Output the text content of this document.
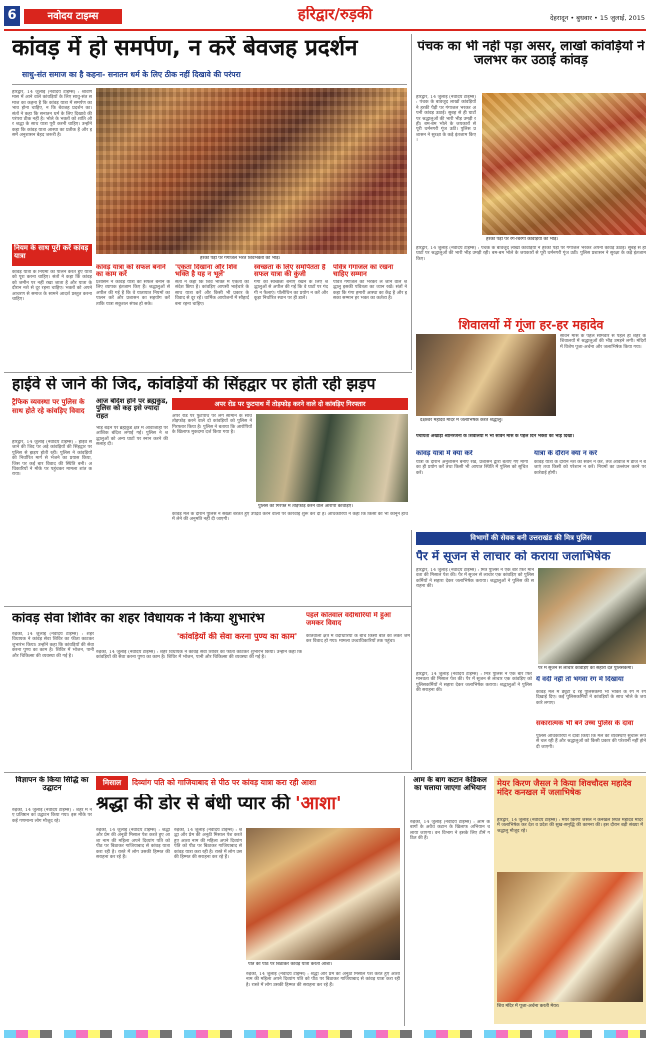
6	नवोदय टाइम्स	हरिद्वार/रुड़की	देहरादून • बुधवार • 15 जुलाई, 2015
कांवड़ में हो समर्पण, न करें बेवजह प्रदर्शन
साधु-संत समाज का है कहना- सनातन धर्म के लिए ठीक नहीं दिखावे की परंपरा
हरिद्वार, 14 जुलाई (नवोदय टाइम्स) : श्रावण मास में आने वाले कांवड़ियों के लिए साधु-संत समाज का कहना है कि कांवड़ यात्रा में समर्पण का भाव होना चाहिए, न कि बेवजह प्रदर्शन का। संतों ने कहा कि सनातन धर्म के लिए दिखावे की परंपरा ठीक नहीं है। भोले के भक्तों को शांति और श्रद्धा के साथ यात्रा पूरी करनी चाहिए। उन्होंने कहा कि कांवड़ यात्रा आस्था का प्रतीक है और इसमें अनुशासन बेहद जरूरी है।
हरकी पैड़ी पर गंगाजल भरते शिवभक्तों की भीड़।
नियम के साथ पूरी करें कांवड़ यात्रा
कांवड़ यात्रा के नियमों का पालन करते हुए यात्रा को पूरा करना चाहिए। संतों ने कहा कि कांवड़ को जमीन पर नहीं रखा जाता है और यात्रा के दौरान नशे से दूर रहना चाहिए। भक्तों को अपने आचरण से समाज के सामने आदर्श प्रस्तुत करना चाहिए।
कांवड़ यात्रा को सफल बनाने का काम करें
प्रशासन ने कांवड़ यात्रा को सफल बनाने के लिए व्यापक इंतजाम किए हैं। श्रद्धालुओं से अपील की गई है कि वे यातायात नियमों का पालन करें और प्रशासन का सहयोग करें ताकि यात्रा सकुशल संपन्न हो सके।
'एकता दिखाना और शिव भक्ति है यह न भूलें'
संतों ने कहा कि शिव भक्ति में एकता का संदेश छिपा है। कांवड़िए आपसी भाईचारे के साथ यात्रा करें और किसी भी प्रकार के विवाद से दूर रहें। धार्मिक आयोजनों में सौहार्द बना रहना चाहिए।
स्वच्छता के लिए समर्पितता है सफल यात्रा की कुंजी
गंगा की स्वच्छता बनाए रखने के लिए श्रद्धालुओं से अपील की गई कि वे घाटों पर गंदगी न फैलाएं। पॉलीथिन का प्रयोग न करें और कूड़ा निर्धारित स्थान पर ही डालें।
पवित्र गंगाजल का रखना चाहिए सम्मान
पवित्र गंगाजल को भरकर ले जाने वाले श्रद्धालु इसकी पवित्रता का ध्यान रखें। संतों ने कहा कि गंगा हमारी आस्था का केंद्र है और इसका सम्मान हर भक्त का कर्तव्य है।
पंचक का भी नहीं पड़ा असर, लाखों कांवड़ियों ने जलभर कर उठाई कांवड़
हरिद्वार, 14 जुलाई (नवोदय टाइम्स) : पंचक के बावजूद लाखों कांवड़ियों ने हरकी पैड़ी पर गंगाजल भरकर अपनी कांवड़ उठाई। सुबह से ही घाटों पर श्रद्धालुओं की भारी भीड़ उमड़ी रही। बम-बम भोले के जयकारों से पूरी धर्मनगरी गूंज उठी। पुलिस प्रशासन ने सुरक्षा के कड़े इंतजाम किए।
हरकी पैड़ी पर रंग-बिरंगी कांवड़ियों की भीड़।
हरिद्वार, 14 जुलाई (नवोदय टाइम्स) : पंचक के बावजूद लाखों कांवड़ियों ने हरकी पैड़ी पर गंगाजल भरकर अपनी कांवड़ उठाई। सुबह से ही घाटों पर श्रद्धालुओं की भारी भीड़ उमड़ी रही। बम-बम भोले के जयकारों से पूरी धर्मनगरी गूंज उठी। पुलिस प्रशासन ने सुरक्षा के कड़े इंतजाम किए।
शिवालयों में गूंजा हर-हर महादेव
दक्षेश्वर महादेव मंदिर में जलाभिषेक करते श्रद्धालु।
सावन मास के पहले सोमवार से पहले ही शहर के शिवालयों में श्रद्धालुओं की भीड़ उमड़ने लगी। मंदिरों में विशेष पूजा-अर्चना और जलाभिषेक किया गया।
पंचायती अखाड़ा श्रीनिरंजनी के शिवालयों में भी सावन मास के पहले दिन भक्तों की भीड़ दिखी।
कांवड़ यात्रा में क्या करें
यात्रा के दौरान अनुशासन बनाए रखें, प्रशासन द्वारा बताए गए मार्गों का ही प्रयोग करें तथा किसी भी आपात स्थिति में पुलिस को सूचित करें।
यात्रा के दौरान क्या न करें
कांवड़ यात्रा के दौरान नशे का सेवन न करें, तेज आवाज में डीजे न बजाएं तथा किसी को परेशान न करें। नियमों का उल्लंघन करने पर कार्रवाई होगी।
हाईवे से जाने की जिद, कांवड़ियों की सिंहद्वार पर होती रही झड़प
ट्रैफिक व्यवस्था पर पुलिस के साथ होते रहे कांवड़िए विवाद
हरिद्वार, 14 जुलाई (नवोदय टाइम्स) : हाईवे से जाने की जिद पर अड़े कांवड़ियों की सिंहद्वार पर पुलिस से झड़प होती रही। पुलिस ने कांवड़ियों को निर्धारित मार्ग से भेजने का प्रयास किया, जिस पर कई बार विवाद की स्थिति बनी। अधिकारियों ने मौके पर पहुंचकर मामला शांत कराया।
आज बंदिश होने पर ब्रह्मकुंड, पुलिस को कह इसे ज्यादा राहत
भीड़ बढ़ने पर ब्रह्मकुंड क्षेत्र में आवाजाही पर आंशिक बंदिश लगाई गई। पुलिस ने श्रद्धालुओं को अन्य घाटों पर स्नान करने की सलाह दी।
अपर रोड पर फुटपाथ में तोड़फोड़ करने वाले दो कांवड़िए गिरफ्तार
अपर रोड पर फुटपाथ पर लगे सामान के साथ तोड़फोड़ करने वाले दो कांवड़ियों को पुलिस ने गिरफ्तार किया है। पुलिस ने बताया कि आरोपियों के खिलाफ मुकदमा दर्ज किया गया है।
पुलिस की गिरफ्त में तोड़फोड़ करने वाले आरोपी कांवड़िए।
कांवड़ मेले के दौरान पुलिस ने सख्ती बरतते हुए उपद्रव करने वालों पर कार्रवाई शुरू कर दी है। अधिकारियों ने कहा कि किसी को भी कानून हाथ में लेने की अनुमति नहीं दी जाएगी।
कांवड़ सेवा शिविर का शहर विधायक ने किया शुभारंभ
रुड़की, 14 जुलाई (नवोदय टाइम्स) : शहर विधायक ने कांवड़ सेवा शिविर का फीता काटकर शुभारंभ किया। उन्होंने कहा कि कांवड़ियों की सेवा करना पुण्य का काम है। शिविर में भोजन, पानी और चिकित्सा की व्यवस्था की गई है।
'कांवड़ियों की सेवा करना पुण्य का काम'
रुड़की, 14 जुलाई (नवोदय टाइम्स) : शहर विधायक ने कांवड़ सेवा शिविर का फीता काटकर शुभारंभ किया। उन्होंने कहा कि कांवड़ियों की सेवा करना पुण्य का काम है। शिविर में भोजन, पानी और चिकित्सा की व्यवस्था की गई है।
पहले कोतवाल वर्दीधारियों में हुआ जमकर विवाद
कोतवाली क्षेत्र में वर्दीधारियों के बीच किसी बात को लेकर जमकर विवाद हो गया। मामला उच्चाधिकारियों तक पहुंचा।
विभागों की सेवक बनी उत्तराखंड की मित्र पुलिस
पैर में सूजन से लाचार को कराया जलाभिषेक
हरिद्वार, 14 जुलाई (नवोदय टाइम्स) : मित्र पुलिस ने एक बार फिर मानवता की मिसाल पेश की। पैर में सूजन से लाचार एक कांवड़िए को पुलिसकर्मियों ने सहारा देकर जलाभिषेक कराया। श्रद्धालुओं ने पुलिस की सराहना की।
पैर में सूजन से लाचार कांवड़िए को सहारा देते पुलिसकर्मी।
ये वर्दी नहीं तो भगवा रंग में दिखाया
कांवड़ मेले में ड्यूटी दे रहे पुलिसकर्मी भी भक्ति के रंग में रंगे दिखाई दिए। कई पुलिसकर्मियों ने कांवड़ियों के साथ भोले के जयकारे लगाए।
हरिद्वार, 14 जुलाई (नवोदय टाइम्स) : मित्र पुलिस ने एक बार फिर मानवता की मिसाल पेश की। पैर में सूजन से लाचार एक कांवड़िए को पुलिसकर्मियों ने सहारा देकर जलाभिषेक कराया। श्रद्धालुओं ने पुलिस की सराहना की।
सकारात्मक भी बने उच्च पुलिस के दावा
पुलिस अधिकारियों ने दावा किया कि मेले की व्यवस्थाएं सुचारू रूप से चल रही हैं और श्रद्धालुओं को किसी प्रकार की परेशानी नहीं होने दी जाएगी।
विज्ञापन के किया सिद्धि का उद्घाटन
रुड़की, 14 जुलाई (नवोदय टाइम्स) : शहर में नए प्रतिष्ठान का उद्घाटन किया गया। इस मौके पर कई गणमान्य लोग मौजूद रहे।
मिसाल	दिव्यांग पति को गाजियाबाद से पीठ पर कांवड़ यात्रा करा रही आशा
श्रद्धा की डोर से बंधी प्यार की 'आशा'
रुड़की, 14 जुलाई (नवोदय टाइम्स) : श्रद्धा और प्रेम की अनूठी मिसाल पेश करते हुए आशा नाम की महिला अपने दिव्यांग पति को पीठ पर बिठाकर गाजियाबाद से कांवड़ यात्रा करा रही है। रास्ते में लोग उसकी हिम्मत की सराहना कर रहे हैं।
रुड़की, 14 जुलाई (नवोदय टाइम्स) : श्रद्धा और प्रेम की अनूठी मिसाल पेश करते हुए आशा नाम की महिला अपने दिव्यांग पति को पीठ पर बिठाकर गाजियाबाद से कांवड़ यात्रा करा रही है। रास्ते में लोग उसकी हिम्मत की सराहना कर रहे हैं।
पति को पीठ पर बिठाकर कांवड़ यात्रा करती आशा।
रुड़की, 14 जुलाई (नवोदय टाइम्स) : श्रद्धा और प्रेम की अनूठी मिसाल पेश करते हुए आशा नाम की महिला अपने दिव्यांग पति को पीठ पर बिठाकर गाजियाबाद से कांवड़ यात्रा करा रही है। रास्ते में लोग उसकी हिम्मत की सराहना कर रहे हैं।
आम के बाग कटान केडिकल का चलाया जाएगा अभियान
रुड़की, 14 जुलाई (नवोदय टाइम्स) : आम के बागों के अवैध कटान के खिलाफ अभियान चलाया जाएगा। वन विभाग ने इसके लिए टीमें गठित की हैं।
मेयर किरण जैसल ने किया शिवचौदस महादेव मंदिर कनखल में जलाभिषेक
हरिद्वार, 14 जुलाई (नवोदय टाइम्स) : मेयर किरण जैसल ने कनखल स्थित महादेव मंदिर में जलाभिषेक कर देश व प्रदेश की सुख-समृद्धि की कामना की। इस दौरान बड़ी संख्या में श्रद्धालु मौजूद रहे।
शिव मंदिर में पूजा-अर्चना करती मेयर।
